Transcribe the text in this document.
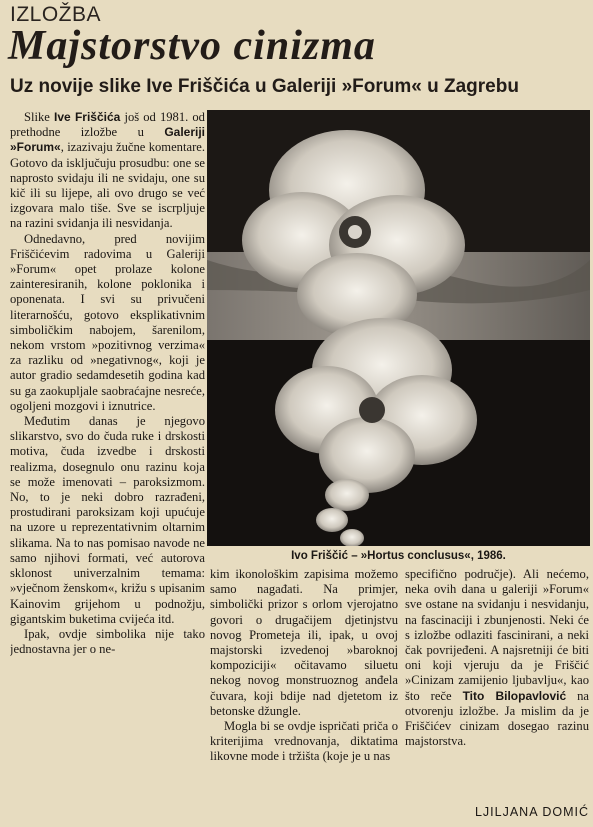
IZLOŽBA
Majstorstvo cinizma
Uz novije slike Ive Friščića u Galeriji »Forum« u Zagrebu

Slike Ive Friščića još od 1981. od prethodne izložbe u Galeriji »Forum«, izazivaju žučne komentare. Gotovo da isključuju prosudbu: one se naprosto svidaju ili ne svidaju, one su kič ili su lijepe, ali ovo drugo se već izgovara malo tiše. Sve se iscrpljuje na razini svidanja ili nesvidanja.

Odnedavno, pred novijim Friščićevim radovima u Galeriji »Forum« opet prolaze kolone zainteresiranih, kolone poklonika i oponenata. I svi su privučeni literarnošću, gotovo eksplikativnim simboličkim nabojem, šarenilom, nekom vrstom »pozitivnog verzima« za razliku od »negativnog«, koji je autor gradio sedamdesetih godina kad su ga zaokupljale saobraćajne nesreće, ogoljeni mozgovi i iznutrice.

Međutim danas je njegovo slikarstvo, svo do čuda ruke i drskosti motiva, čuda izvedbe i drskosti realizma, dosegnulo onu razinu koja se može imenovati – paroksizmom. No, to je neki dobro razrađeni, prostudirani paroksizam koji upućuje na uzore u reprezentativnim oltarnim slikama. Na to nas pomisao navode ne samo njihovi formati, već autorova sklonost univerzalnim temama: »vječnom ženskom«, križu s upisanim Kainovim grijehom u podnožju, gigantskim buketima cvijeća itd.

Ipak, ovdje simbolika nije tako jednostavna jer o ne-

Ivo Friščić – »Hortus conclusus«, 1986.

kim ikonološkim zapisima možemo samo nagađati. Na primjer, simbolički prizor s orlom vjerojatno govori o drugačijem djetinjstvu novog Prometeja ili, ipak, u ovoj majstorski izvedenoj »baroknoj kompoziciji« očitavamo siluetu nekog novog monstruoznog anđela čuvara, koji bdije nad djetetom iz betonske džungle.

Mogla bi se ovdje ispričati priča o kriterijima vrednovanja, diktatima likovne mode i tržišta (koje je u nas

specifično područje). Ali nećemo, neka ovih dana u galeriji »Forum« sve ostane na svidanju i nesvidanju, na fascinaciji i zbunjenosti. Neki će s izložbe odlaziti fascinirani, a neki čak povrijeđeni. A najsretniji će biti oni koji vjeruju da je Friščić »Cinizam zamijenio ljubavlju«, kao što reče Tito Bilopavlović na otvorenju izložbe. Ja mislim da je Friščićev cinizam dosegao razinu majstorstva.

LJILJANA DOMIĆ
